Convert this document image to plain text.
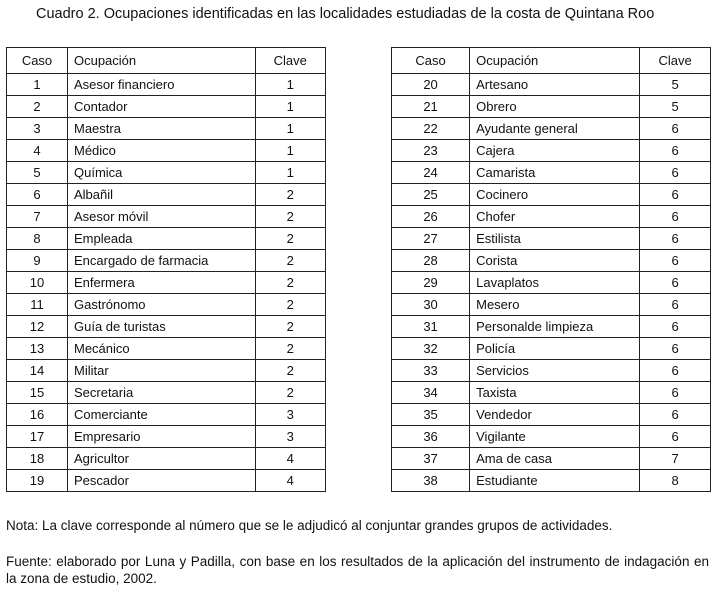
Cuadro 2. Ocupaciones identificadas en las localidades estudiadas de la costa de Quintana Roo
Caso	Ocupación	Clave
1	Asesor financiero	1
2	Contador	1
3	Maestra	1
4	Médico	1
5	Química	1
6	Albañil	2
7	Asesor móvil	2
8	Empleada	2
9	Encargado de farmacia	2
10	Enfermera	2
11	Gastrónomo	2
12	Guía de turistas	2
13	Mecánico	2
14	Militar	2
15	Secretaria	2
16	Comerciante	3
17	Empresario	3
18	Agricultor	4
19	Pescador	4
Caso	Ocupación	Clave
20	Artesano	5
21	Obrero	5
22	Ayudante general	6
23	Cajera	6
24	Camarista	6
25	Cocinero	6
26	Chofer	6
27	Estilista	6
28	Corista	6
29	Lavaplatos	6
30	Mesero	6
31	Personalde limpieza	6
32	Policía	6
33	Servicios	6
34	Taxista	6
35	Vendedor	6
36	Vigilante	6
37	Ama de casa	7
38	Estudiante	8
Nota: La clave corresponde al número que se le adjudicó al conjuntar grandes grupos de actividades.
Fuente: elaborado por Luna y Padilla, con base en los resultados de la aplicación del instrumento de indagación en la zona de estudio, 2002.
